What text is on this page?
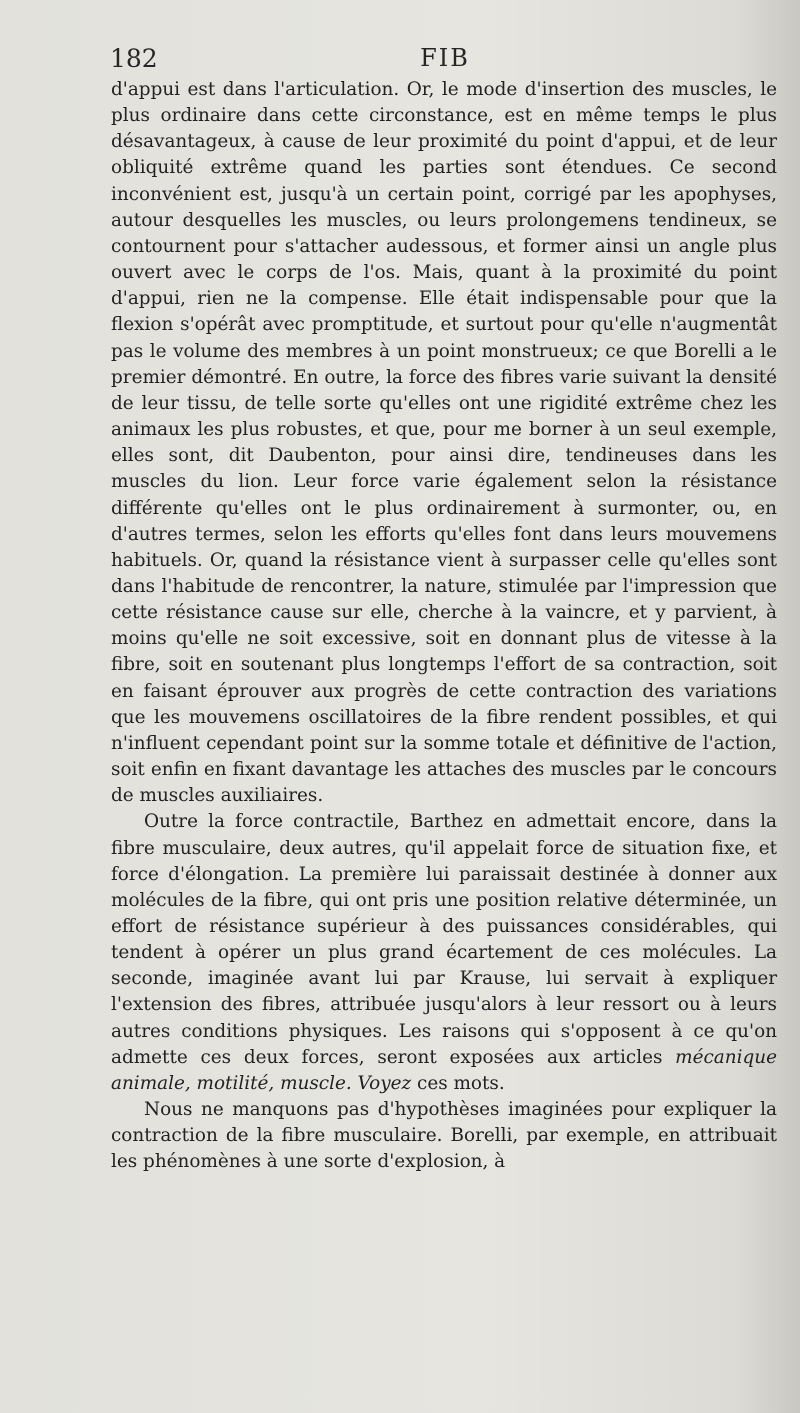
182	FIB

d'appui est dans l'articulation. Or, le mode d'insertion des muscles, le plus ordinaire dans cette circonstance, est en même temps le plus désavantageux, à cause de leur proximité du point d'appui, et de leur obliquité extrême quand les parties sont étendues. Ce second inconvénient est, jusqu'à un certain point, corrigé par les apophyses, autour desquelles les muscles, ou leurs prolongemens tendineux, se contournent pour s'attacher audessous, et former ainsi un angle plus ouvert avec le corps de l'os. Mais, quant à la proximité du point d'appui, rien ne la compense. Elle était indispensable pour que la flexion s'opérât avec promptitude, et surtout pour qu'elle n'augmentât pas le volume des membres à un point monstrueux; ce que Borelli a le premier démontré. En outre, la force des fibres varie suivant la densité de leur tissu, de telle sorte qu'elles ont une rigidité extrême chez les animaux les plus robustes, et que, pour me borner à un seul exemple, elles sont, dit Daubenton, pour ainsi dire, tendineuses dans les muscles du lion. Leur force varie également selon la résistance différente qu'elles ont le plus ordinairement à surmonter, ou, en d'autres termes, selon les efforts qu'elles font dans leurs mouvemens habituels. Or, quand la résistance vient à surpasser celle qu'elles sont dans l'habitude de rencontrer, la nature, stimulée par l'impression que cette résistance cause sur elle, cherche à la vaincre, et y parvient, à moins qu'elle ne soit excessive, soit en donnant plus de vitesse à la fibre, soit en soutenant plus longtemps l'effort de sa contraction, soit en faisant éprouver aux progrès de cette contraction des variations que les mouvemens oscillatoires de la fibre rendent possibles, et qui n'influent cependant point sur la somme totale et définitive de l'action, soit enfin en fixant davantage les attaches des muscles par le concours de muscles auxiliaires.

Outre la force contractile, Barthez en admettait encore, dans la fibre musculaire, deux autres, qu'il appelait force de situation fixe, et force d'élongation. La première lui paraissait destinée à donner aux molécules de la fibre, qui ont pris une position relative déterminée, un effort de résistance supérieur à des puissances considérables, qui tendent à opérer un plus grand écartement de ces molécules. La seconde, imaginée avant lui par Krause, lui servait à expliquer l'extension des fibres, attribuée jusqu'alors à leur ressort ou à leurs autres conditions physiques. Les raisons qui s'opposent à ce qu'on admette ces deux forces, seront exposées aux articles mécanique animale, motilité, muscle. Voyez ces mots.

Nous ne manquons pas d'hypothèses imaginées pour expliquer la contraction de la fibre musculaire. Borelli, par exemple, en attribuait les phénomènes à une sorte d'explosion, à
